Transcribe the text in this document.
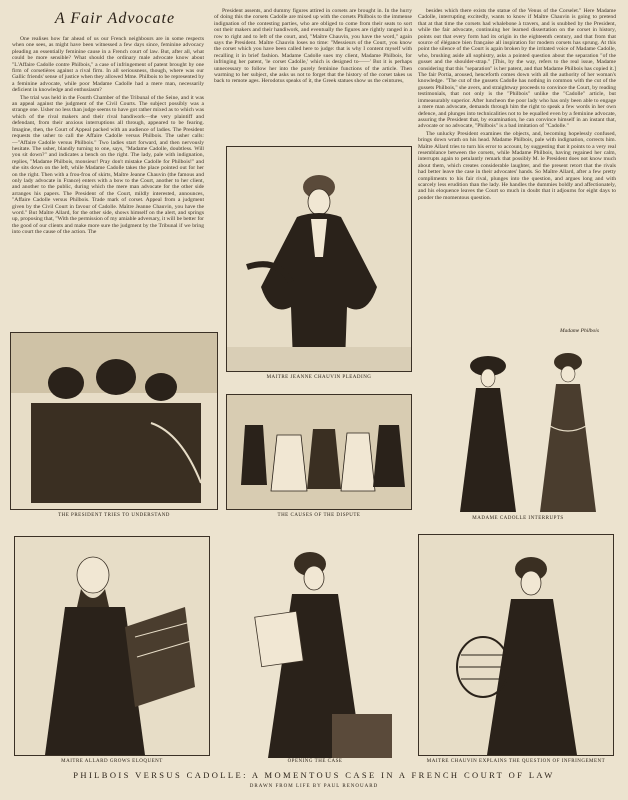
A Fair Advocate

One realises how far ahead of us our French neighbours are in some respects when one sees, as might have been witnessed a few days since, feminine advocacy pleading an essentially feminine cause in a French court of law. But, after all, what could be more sensible? What should the ordinary male advocate know about "L'Affaire Cadolle contre Philbois," a case of infringement of patent brought by one firm of corsetières against a rival firm. In all seriousness, though, where was our Gallic friends' sense of justice when they allowed Mme. Philbois to be represented by a feminine advocate, while poor Madame Cadolle had a mere man, necessarily deficient in knowledge and enthusiasm?

The trial was held in the Fourth Chamber of the Tribunal of the Seine, and it was an appeal against the judgment of the Civil Courts. The subject possibly was a strange one. Usher no less than judge seems to have got rather mixed as to which was which of the rival makers and their rival handiwork—the very plaintiff and defendant, from their anxious interruptions all through, appeared to be fearing. Imagine, then, the Court of Appeal packed with an audience of ladies. The President requests the usher to call the Affaire Cadolle versus Philbois. The usher calls:—"Affaire Cadolle versus Philbois." Two ladies start forward, and then nervously hesitate. The usher, blandly turning to one, says, "Madame Cadolle, doubtless. Will you sit down?" and indicates a bench on the right. The lady, pale with indignation, replies, "Madame Philbois, monsieur! Pray don't mistake Cadolle for Philbois!" and she sits down on the left, while Madame Cadolle takes the place pointed out for her on the right. Then with a frou-frou of skirts, Maître Jeanne Chauvin (the famous and only lady advocate in France) enters with a bow to the Court, another to her client, and another to the public, during which the mere man advocate for the other side arranges his papers. The President of the Court, mildly interested, announces, "Affaire Cadolle versus Philbois. Trade mark of corset. Appeal from a judgment given by the Civil Court in favour of Cadolle. Maître Jeanne Chauvin, you have the word." But Maître Allard, for the other side, shows himself on the alert, and springs up, proposing that, "With the permission of my amiable adversary, it will be better for the good of our clients and make more sure the judgment by the Tribunal if we bring into court the cause of the action. The

President assents, and dummy figures attired in corsets are brought in. In the hurry of doing this the corsets Cadolle are mixed up with the corsets Philbois to the immense indignation of the contesting parties, who are obliged to come from their seats to sort out their makers and their handiwork, and eventually the figures are rightly ranged in a row to right and to left of the court, and, "Maître Chauvin, you have the word," again says the President. Maître Chauvin loses no time: "Messieurs of the Court, you know the corset which you have been called here to judge: that is why I content myself with recalling it in brief fashion. Madame Cadolle sues my client, Madame Philbois, for infringing her patent, 'le corset Cadolle,' which is designed to——' But it is perhaps unnecessary to follow her into the purely feminine functions of the article. Then warming to her subject, she asks us not to forget that the history of the corset takes us back to remote ages. Herodotus speaks of it, the Greek statues show us the ceintures,

besides which there exists the statue of the Venus of the Corselet." Here Madame Cadolle, interrupting excitedly, wants to know if Maître Chauvin is going to pretend that at that time the corsets had whalebone à travers, and is snubbed by the President, while the fair advocate, continuing her learned dissertation on the corset in history, points out that every form had its origin in the eighteenth century, and that from that source of élégance bien française all inspiration for modern corsets has sprung. At this point the silence of the Court is again broken by the irritated voice of Madame Cadolle, who, brushing aside all sophistry, asks a pointed question about the separation "of the gusset and the shoulder-strap." [This, by the way, refers to the real issue, Madame considering that this "separation" is her patent, and that Madame Philbois has copied it.] The fair Portia, aroused, henceforth comes down with all the authority of her woman's knowledge. "The cut of the gussets Cadolle has nothing in common with the cut of the gussets Philbois," she avers, and straightway proceeds to convince the Court, by reading testimonials, that not only is the "Philbois" unlike the "Cadolle" article, but immeasurably superior. After luncheon the poor lady who has only been able to engage a mere man advocate, demands through him the right to speak a few words in her own defence, and plunges into technicalities not to be equalled even by a feminine advocate, assuring the President that, by examination, he can convince himself in an instant that, advocate or no advocate, "Philbois" is a bad imitation of "Cadolle."

The unlucky President examines the objects, and, becoming hopelessly confused, brings down wrath on his head. Madame Philbois, pale with indignation, corrects him. Maître Allard tries to turn his error to account, by suggesting that it points to a very real resemblance between the corsets, while Madame Philbois, having regained her calm, interrupts again to petulantly remark that possibly M. le President does not know much about them, which creates considerable laughter, and the present retort that the rivals had better leave the case in their advocates' hands. So Maître Allard, after a few pretty compliments to his fair rival, plunges into the question, and argues long and with scarcely less erudition than the lady. He handles the dummies boldly and affectionately, and his eloquence leaves the Court so much in doubt that it adjourns for eight days to ponder the momentous question.

MAITRE JEANNE CHAUVIN PLEADING
Madame Philbois
MADAME CADOLLE INTERRUPTS
THE PRESIDENT TRIES TO UNDERSTAND	THE CAUSES OF THE DISPUTE
MAITRE ALLARD GROWS ELOQUENT	OPENING THE CASE	MAITRE CHAUVIN EXPLAINS THE QUESTION OF INFRINGEMENT
PHILBOIS VERSUS CADOLLE: A MOMENTOUS CASE IN A FRENCH COURT OF LAW
DRAWN FROM LIFE BY PAUL RENOUARD
